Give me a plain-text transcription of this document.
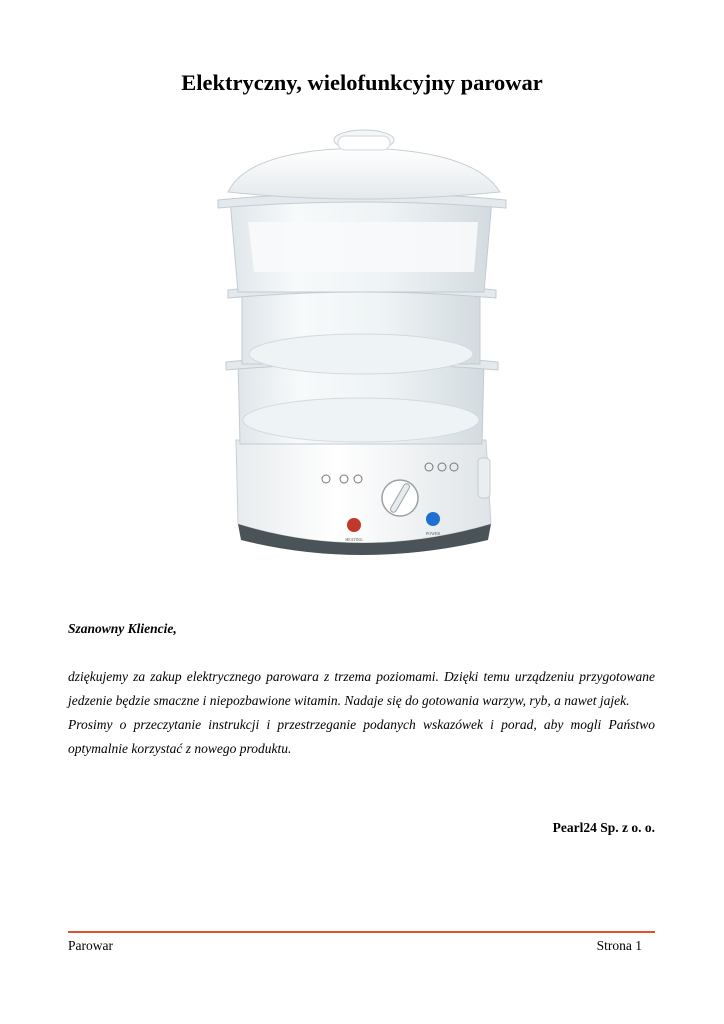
Elektryczny, wielofunkcyjny parowar
HEATING
POWER

Szanowny Kliencie,

dziękujemy za zakup elektrycznego parowara z trzema poziomami. Dzięki temu urządzeniu przygotowane jedzenie będzie smaczne i niepozbawione witamin. Nadaje się do gotowania warzyw, ryb, a nawet jajek.

Prosimy o przeczytanie instrukcji i przestrzeganie podanych wskazówek i porad, aby mogli Państwo optymalnie korzystać z nowego produktu.

Pearl24 Sp. z o. o.

Parowar	Strona 1
